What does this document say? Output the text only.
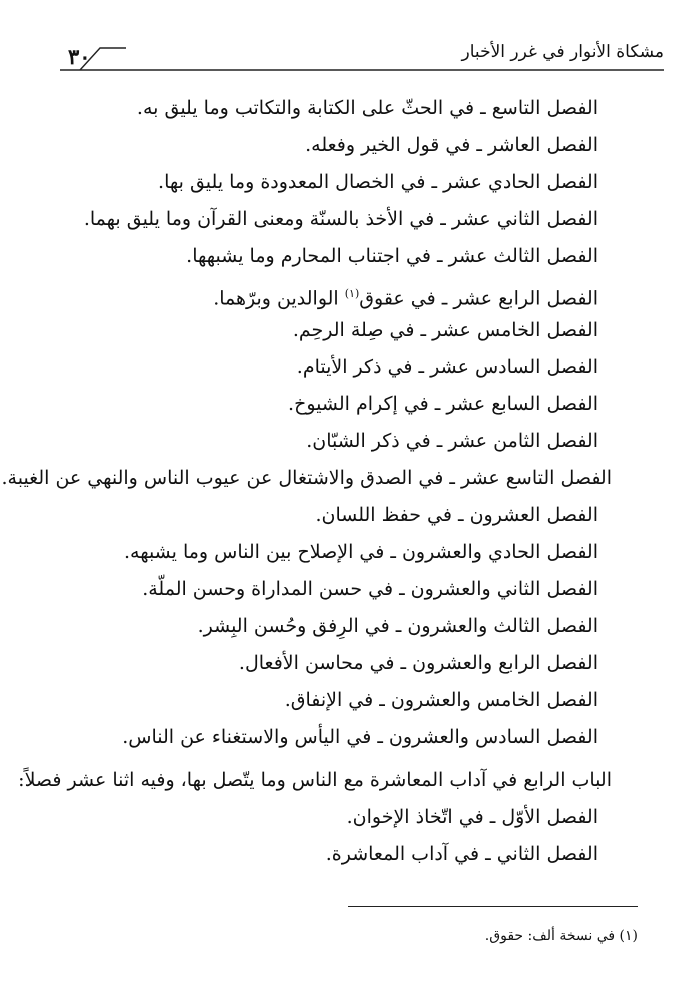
٣٠	مشكاة الأنوار في غرر الأخبار
الفصل التاسع ـ في الحثّ على الكتابة والتكاتب وما يليق به.
الفصل العاشر ـ في قول الخير وفعله.
الفصل الحادي عشر ـ في الخصال المعدودة وما يليق بها.
الفصل الثاني عشر ـ في الأخذ بالسنّة ومعنى القرآن وما يليق بهما.
الفصل الثالث عشر ـ في اجتناب المحارم وما يشبهها.
الفصل الرابع عشر ـ في عقوق$^{(١)}$ الوالدين وبرّهما.
الفصل الخامس عشر ـ في صِلة الرحِم.
الفصل السادس عشر ـ في ذكر الأيتام.
الفصل السابع عشر ـ في إكرام الشيوخ.
الفصل الثامن عشر ـ في ذكر الشبّان.
الفصل التاسع عشر ـ في الصدق والاشتغال عن عيوب الناس والنهي عن الغيبة.
الفصل العشرون ـ في حفظ اللسان.
الفصل الحادي والعشرون ـ في الإصلاح بين الناس وما يشبهه.
الفصل الثاني والعشرون ـ في حسن المداراة وحسن الملّة.
الفصل الثالث والعشرون ـ في الرِفق وحُسن البِشر.
الفصل الرابع والعشرون ـ في محاسن الأفعال.
الفصل الخامس والعشرون ـ في الإنفاق.
الفصل السادس والعشرون ـ في اليأس والاستغناء عن الناس.
الباب الرابع في آداب المعاشرة مع الناس وما يتّصل بها، وفيه اثنا عشر فصلاً:
الفصل الأوّل ـ في اتّخاذ الإخوان.
الفصل الثاني ـ في آداب المعاشرة.
(١) في نسخة ألف: حقوق.
